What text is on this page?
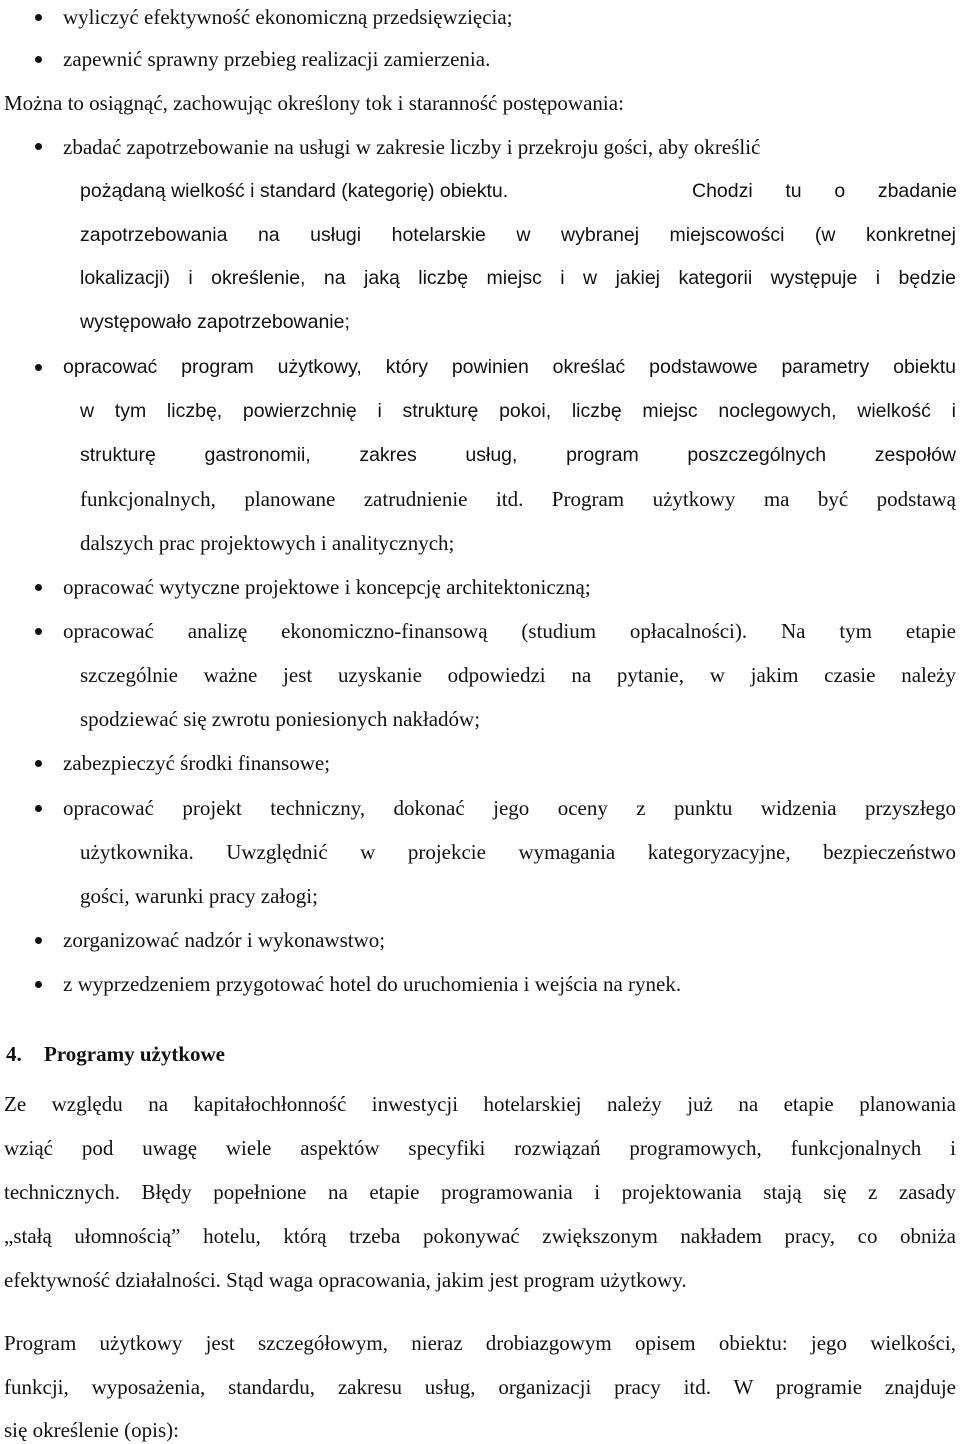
wyliczyć efektywność ekonomiczną przedsięwzięcia;
zapewnić sprawny przebieg realizacji zamierzenia.
Można to osiągnąć, zachowując określony tok i staranność postępowania:
zbadać zapotrzebowanie na usługi w zakresie liczby i przekroju gości, aby określić
pożądaną wielkość i standard (kategorię) obiektu.	Chodzi tu o zbadanie
zapotrzebowania na usługi hotelarskie w wybranej miejscowości (w konkretnej
lokalizacji) i określenie, na jaką liczbę miejsc i w jakiej kategorii występuje i będzie
występowało zapotrzebowanie;
opracować program użytkowy, który powinien określać podstawowe parametry obiektu
w tym liczbę, powierzchnię i strukturę pokoi, liczbę miejsc noclegowych, wielkość i
strukturę gastronomii, zakres usług, program poszczególnych zespołów
funkcjonalnych, planowane zatrudnienie itd. Program użytkowy ma być podstawą
dalszych prac projektowych i analitycznych;
opracować wytyczne projektowe i koncepcję architektoniczną;
opracować analizę ekonomiczno-finansową (studium opłacalności). Na tym etapie
szczególnie ważne jest uzyskanie odpowiedzi na pytanie, w jakim czasie należy
spodziewać się zwrotu poniesionych nakładów;
zabezpieczyć środki finansowe;
opracować projekt techniczny, dokonać jego oceny z punktu widzenia przyszłego
użytkownika. Uwzględnić w projekcie wymagania kategoryzacyjne, bezpieczeństwo
gości, warunki pracy załogi;
zorganizować nadzór i wykonawstwo;
z wyprzedzeniem przygotować hotel do uruchomienia i wejścia na rynek.
4.	Programy użytkowe
Ze względu na kapitałochłonność inwestycji hotelarskiej należy już na etapie planowania
wziąć pod uwagę wiele aspektów specyfiki rozwiązań programowych, funkcjonalnych i
technicznych. Błędy popełnione na etapie programowania i projektowania stają się z zasady
„stałą ułomnością” hotelu, którą trzeba pokonywać zwiększonym nakładem pracy, co obniża
efektywność działalności. Stąd waga opracowania, jakim jest program użytkowy.
Program użytkowy jest szczegółowym, nieraz drobiazgowym opisem obiektu: jego wielkości,
funkcji, wyposażenia, standardu, zakresu usług, organizacji pracy itd. W programie znajduje
się określenie (opis):
